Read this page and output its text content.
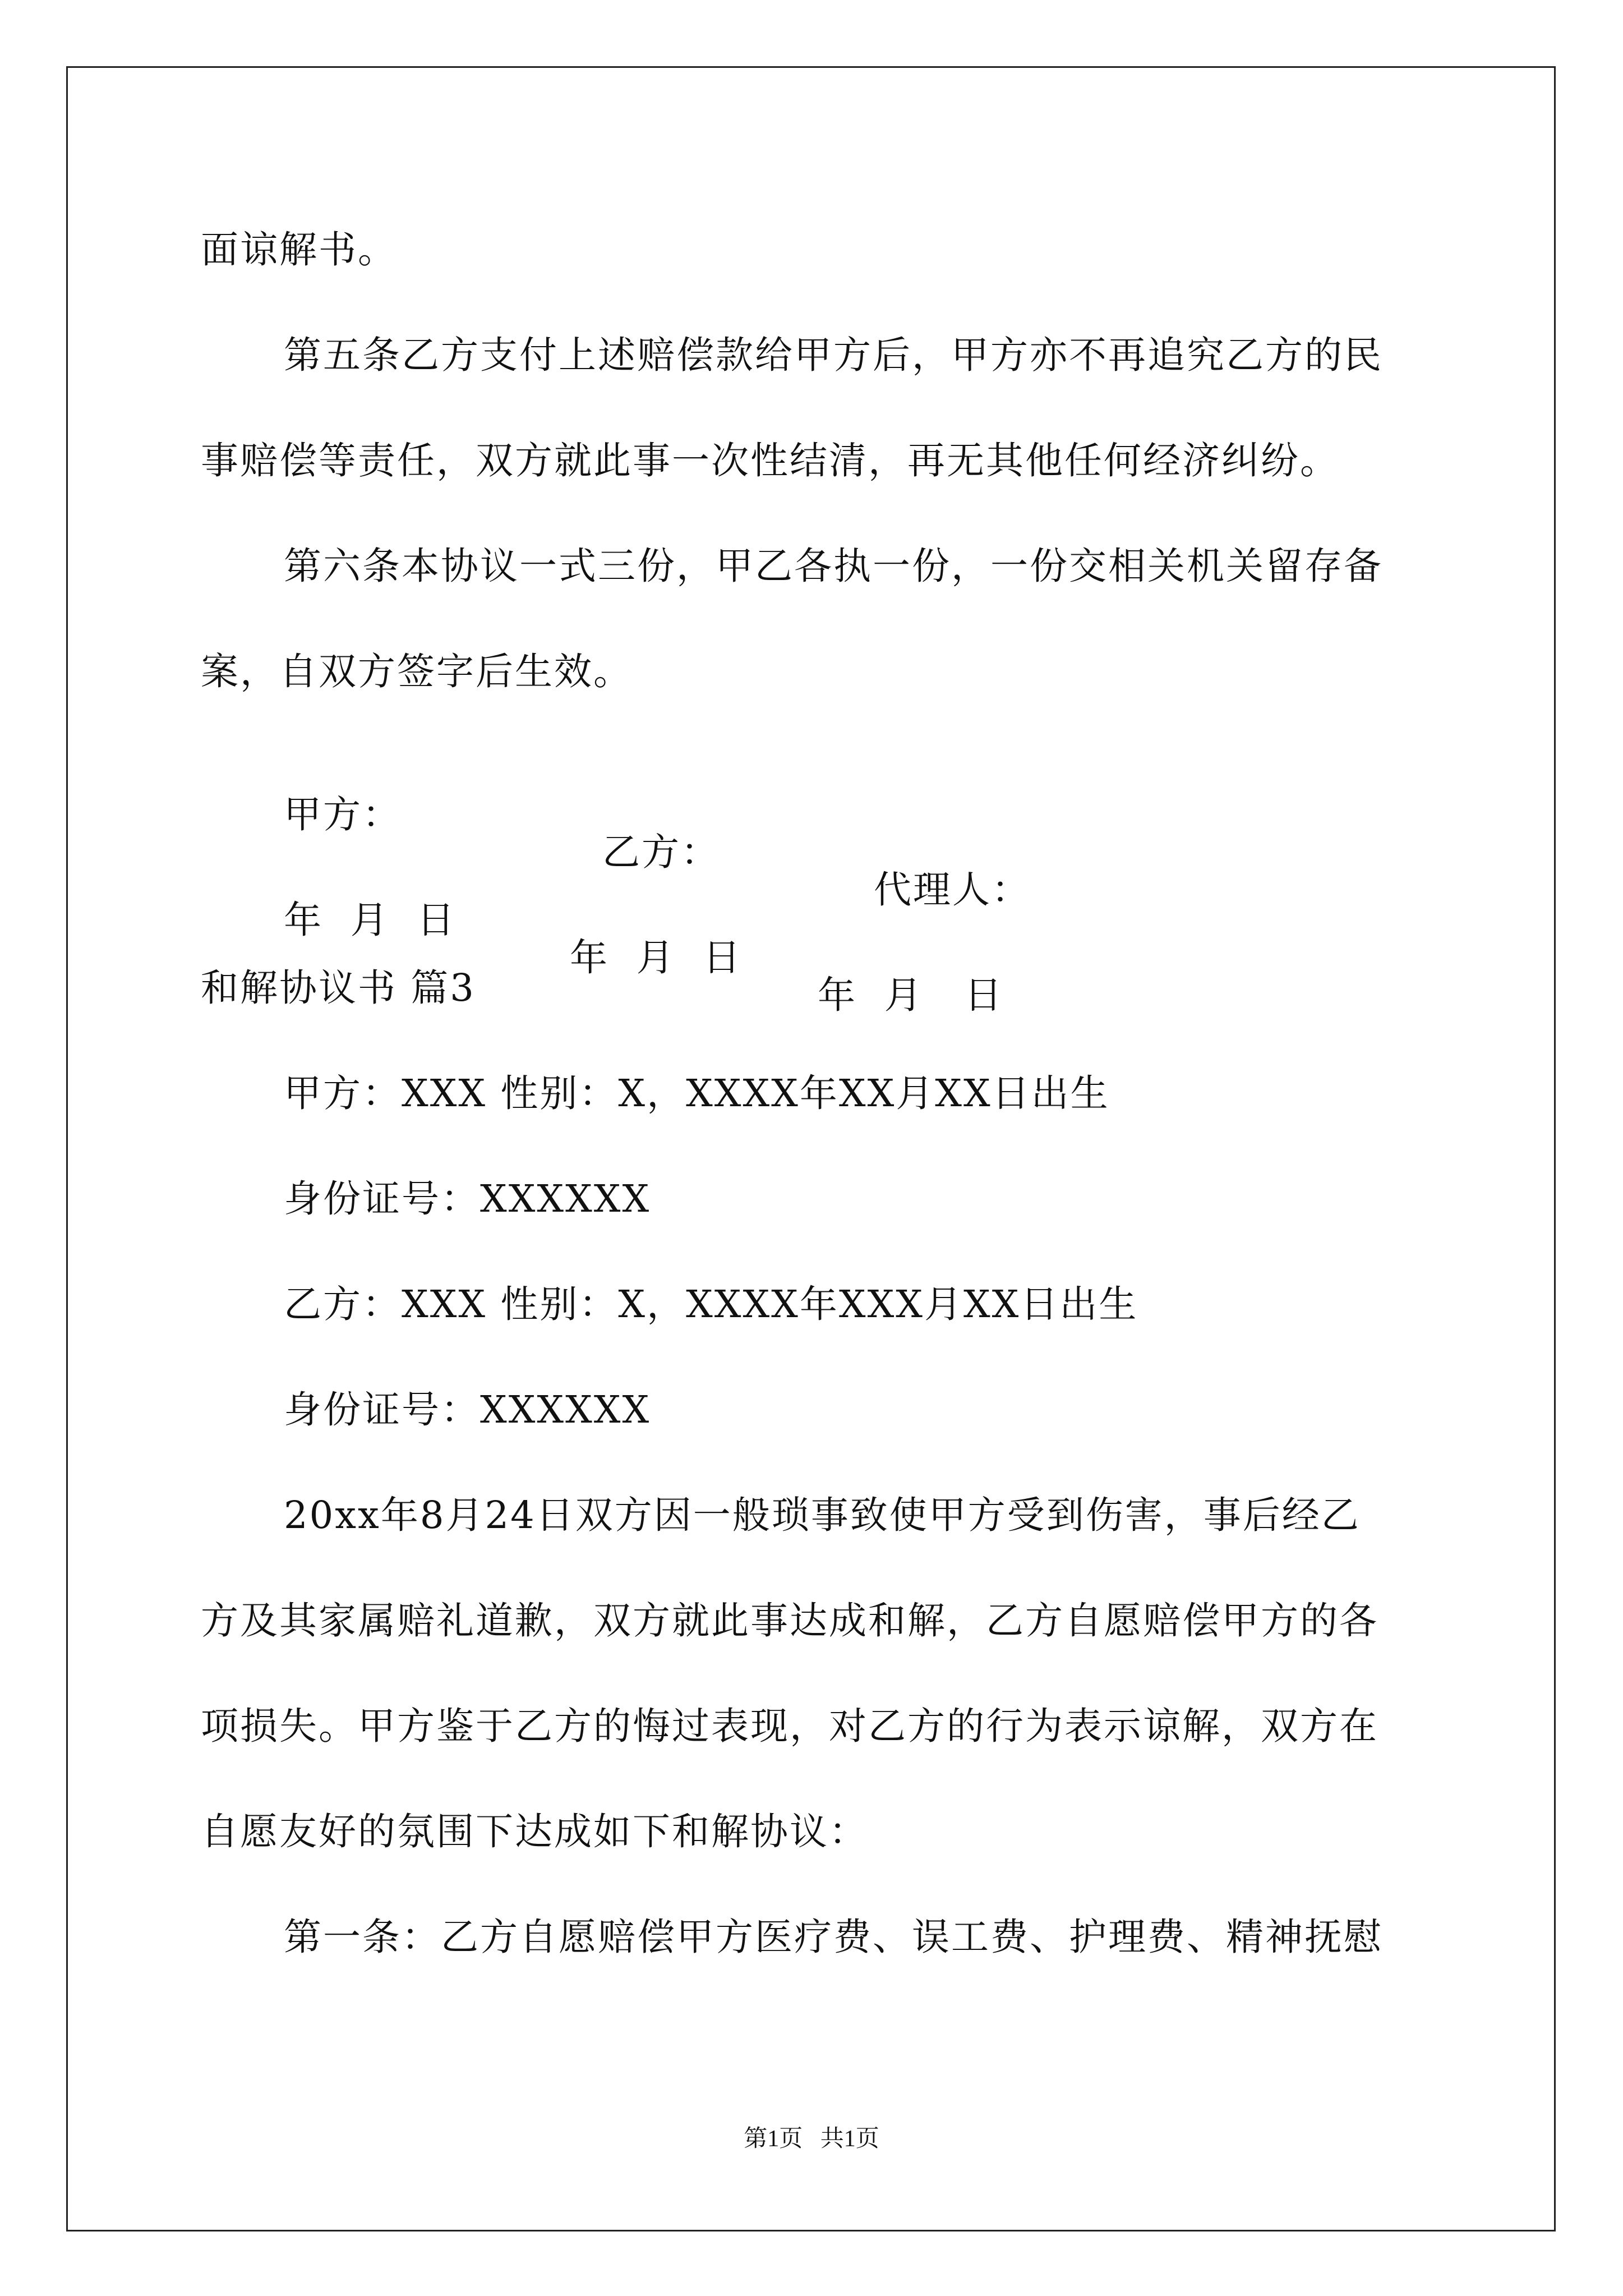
面谅解书。
第五条乙方支付上述赔偿款给甲方后，甲方亦不再追究乙方的民
事赔偿等责任，双方就此事一次性结清，再无其他任何经济纠纷。
第六条本协议一式三份，甲乙各执一份，一份交相关机关留存备
案，自双方签字后生效。

甲方：

乙方：

代理人：

年  月  日

年  月  日

年  月   日

和解协议书 篇3
甲方：XXX 性别：X，XXXX年XX月XX日出生
身份证号：XXXXXX
乙方：XXX 性别：X，XXXX年XXX月XX日出生
身份证号：XXXXXX
20xx年8月24日双方因一般琐事致使甲方受到伤害，事后经乙
方及其家属赔礼道歉，双方就此事达成和解，乙方自愿赔偿甲方的各
项损失。甲方鉴于乙方的悔过表现，对乙方的行为表示谅解，双方在
自愿友好的氛围下达成如下和解协议：
第一条：乙方自愿赔偿甲方医疗费、误工费、护理费、精神抚慰
第1页   共1页
